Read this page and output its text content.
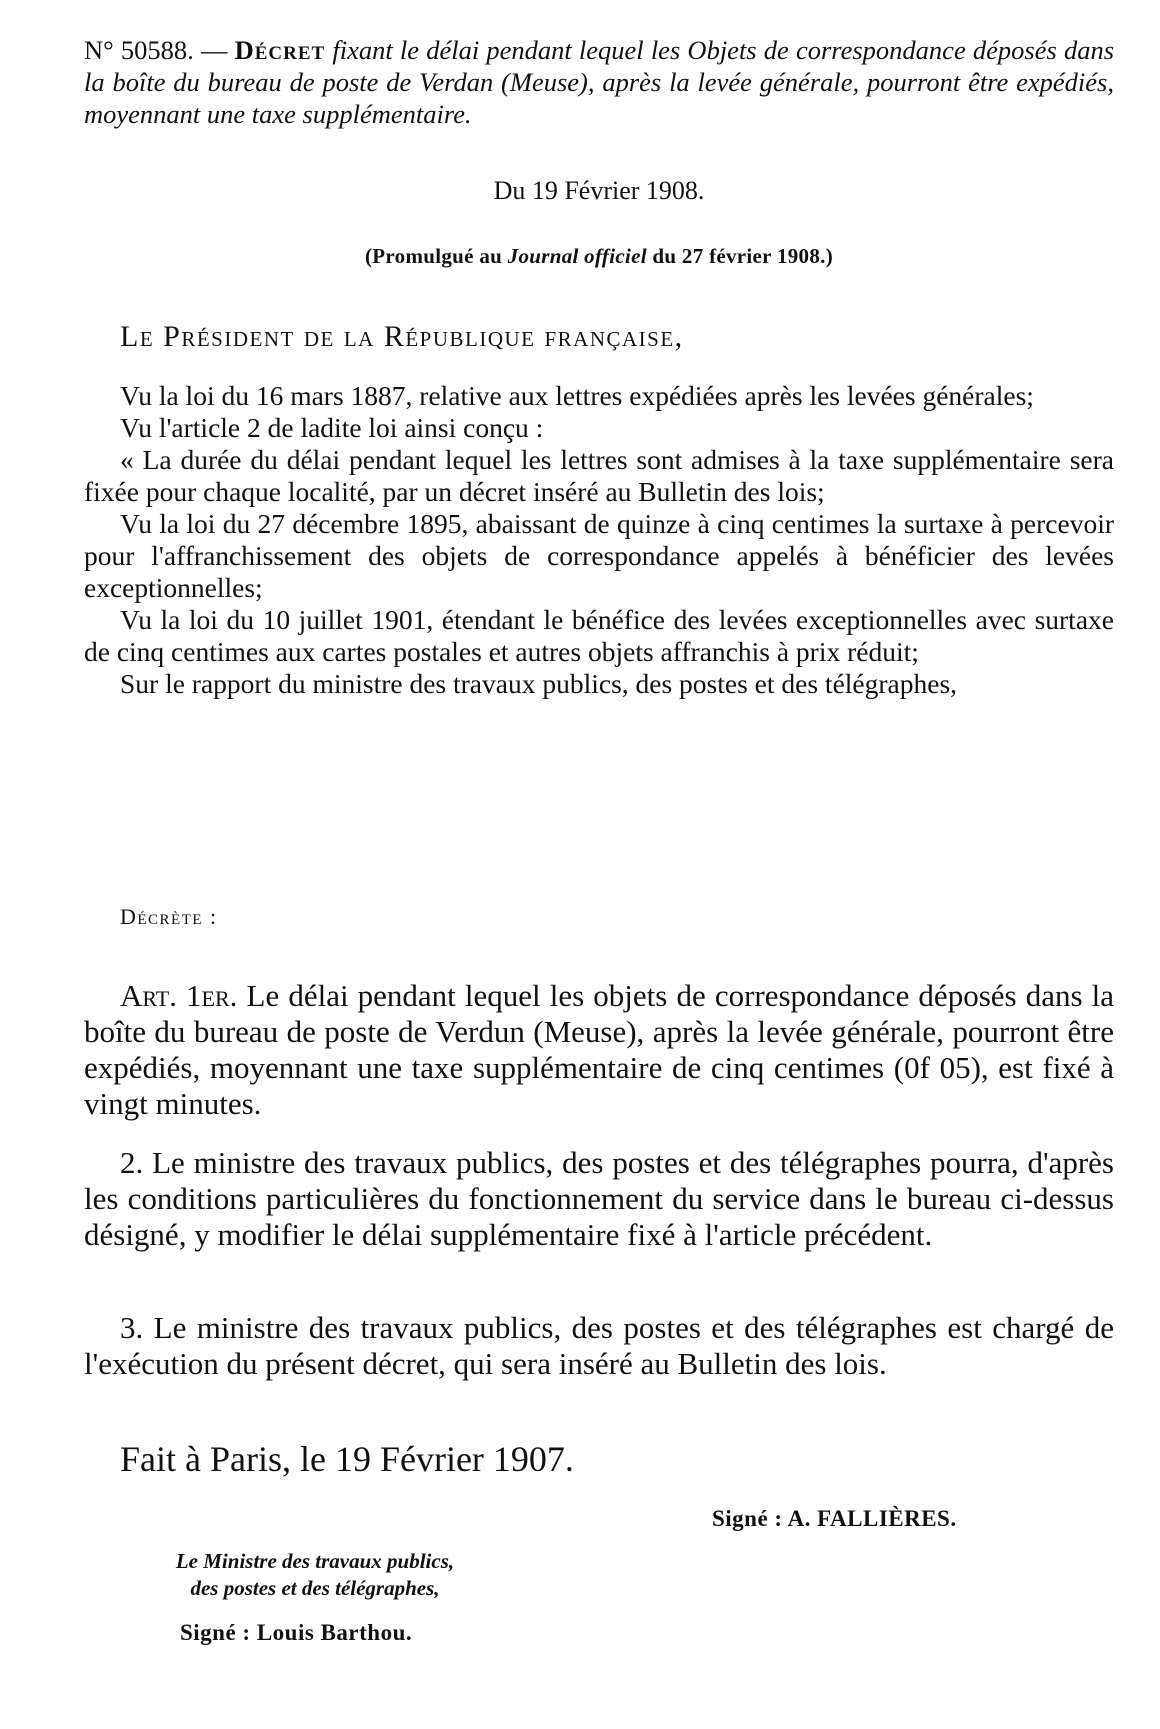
N° 50588. — Décret fixant le délai pendant lequel les Objets de correspondance déposés dans la boîte du bureau de poste de Verdan (Meuse), après la levée générale, pourront être expédiés, moyennant une taxe supplémentaire.
Du 19 Février 1908.
(Promulgué au Journal officiel du 27 février 1908.)
Le Président de la République française,

Vu la loi du 16 mars 1887, relative aux lettres expédiées après les levées générales;

Vu l'article 2 de ladite loi ainsi conçu :

« La durée du délai pendant lequel les lettres sont admises à la taxe supplémentaire sera fixée pour chaque localité, par un décret inséré au Bulletin des lois;

Vu la loi du 27 décembre 1895, abaissant de quinze à cinq centimes la surtaxe à percevoir pour l'affranchissement des objets de correspondance appelés à bénéficier des levées exceptionnelles;

Vu la loi du 10 juillet 1901, étendant le bénéfice des levées exceptionnelles avec surtaxe de cinq centimes aux cartes postales et autres objets affranchis à prix réduit;

Sur le rapport du ministre des travaux publics, des postes et des télégraphes,

Décrète :

Art. 1er. Le délai pendant lequel les objets de correspondance déposés dans la boîte du bureau de poste de Verdun (Meuse), après la levée générale, pourront être expédiés, moyennant une taxe supplémentaire de cinq centimes (0f 05), est fixé à vingt minutes.

2. Le ministre des travaux publics, des postes et des télégraphes pourra, d'après les conditions particulières du fonctionnement du service dans le bureau ci-dessus désigné, y modifier le délai supplémentaire fixé à l'article précédent.

3. Le ministre des travaux publics, des postes et des télégraphes est chargé de l'exécution du présent décret, qui sera inséré au Bulletin des lois.

Fait à Paris, le 19 Février 1907.
Signé : A. FALLIÈRES.
Le Ministre des travaux publics,
des postes et des télégraphes,
Signé : Louis Barthou.
